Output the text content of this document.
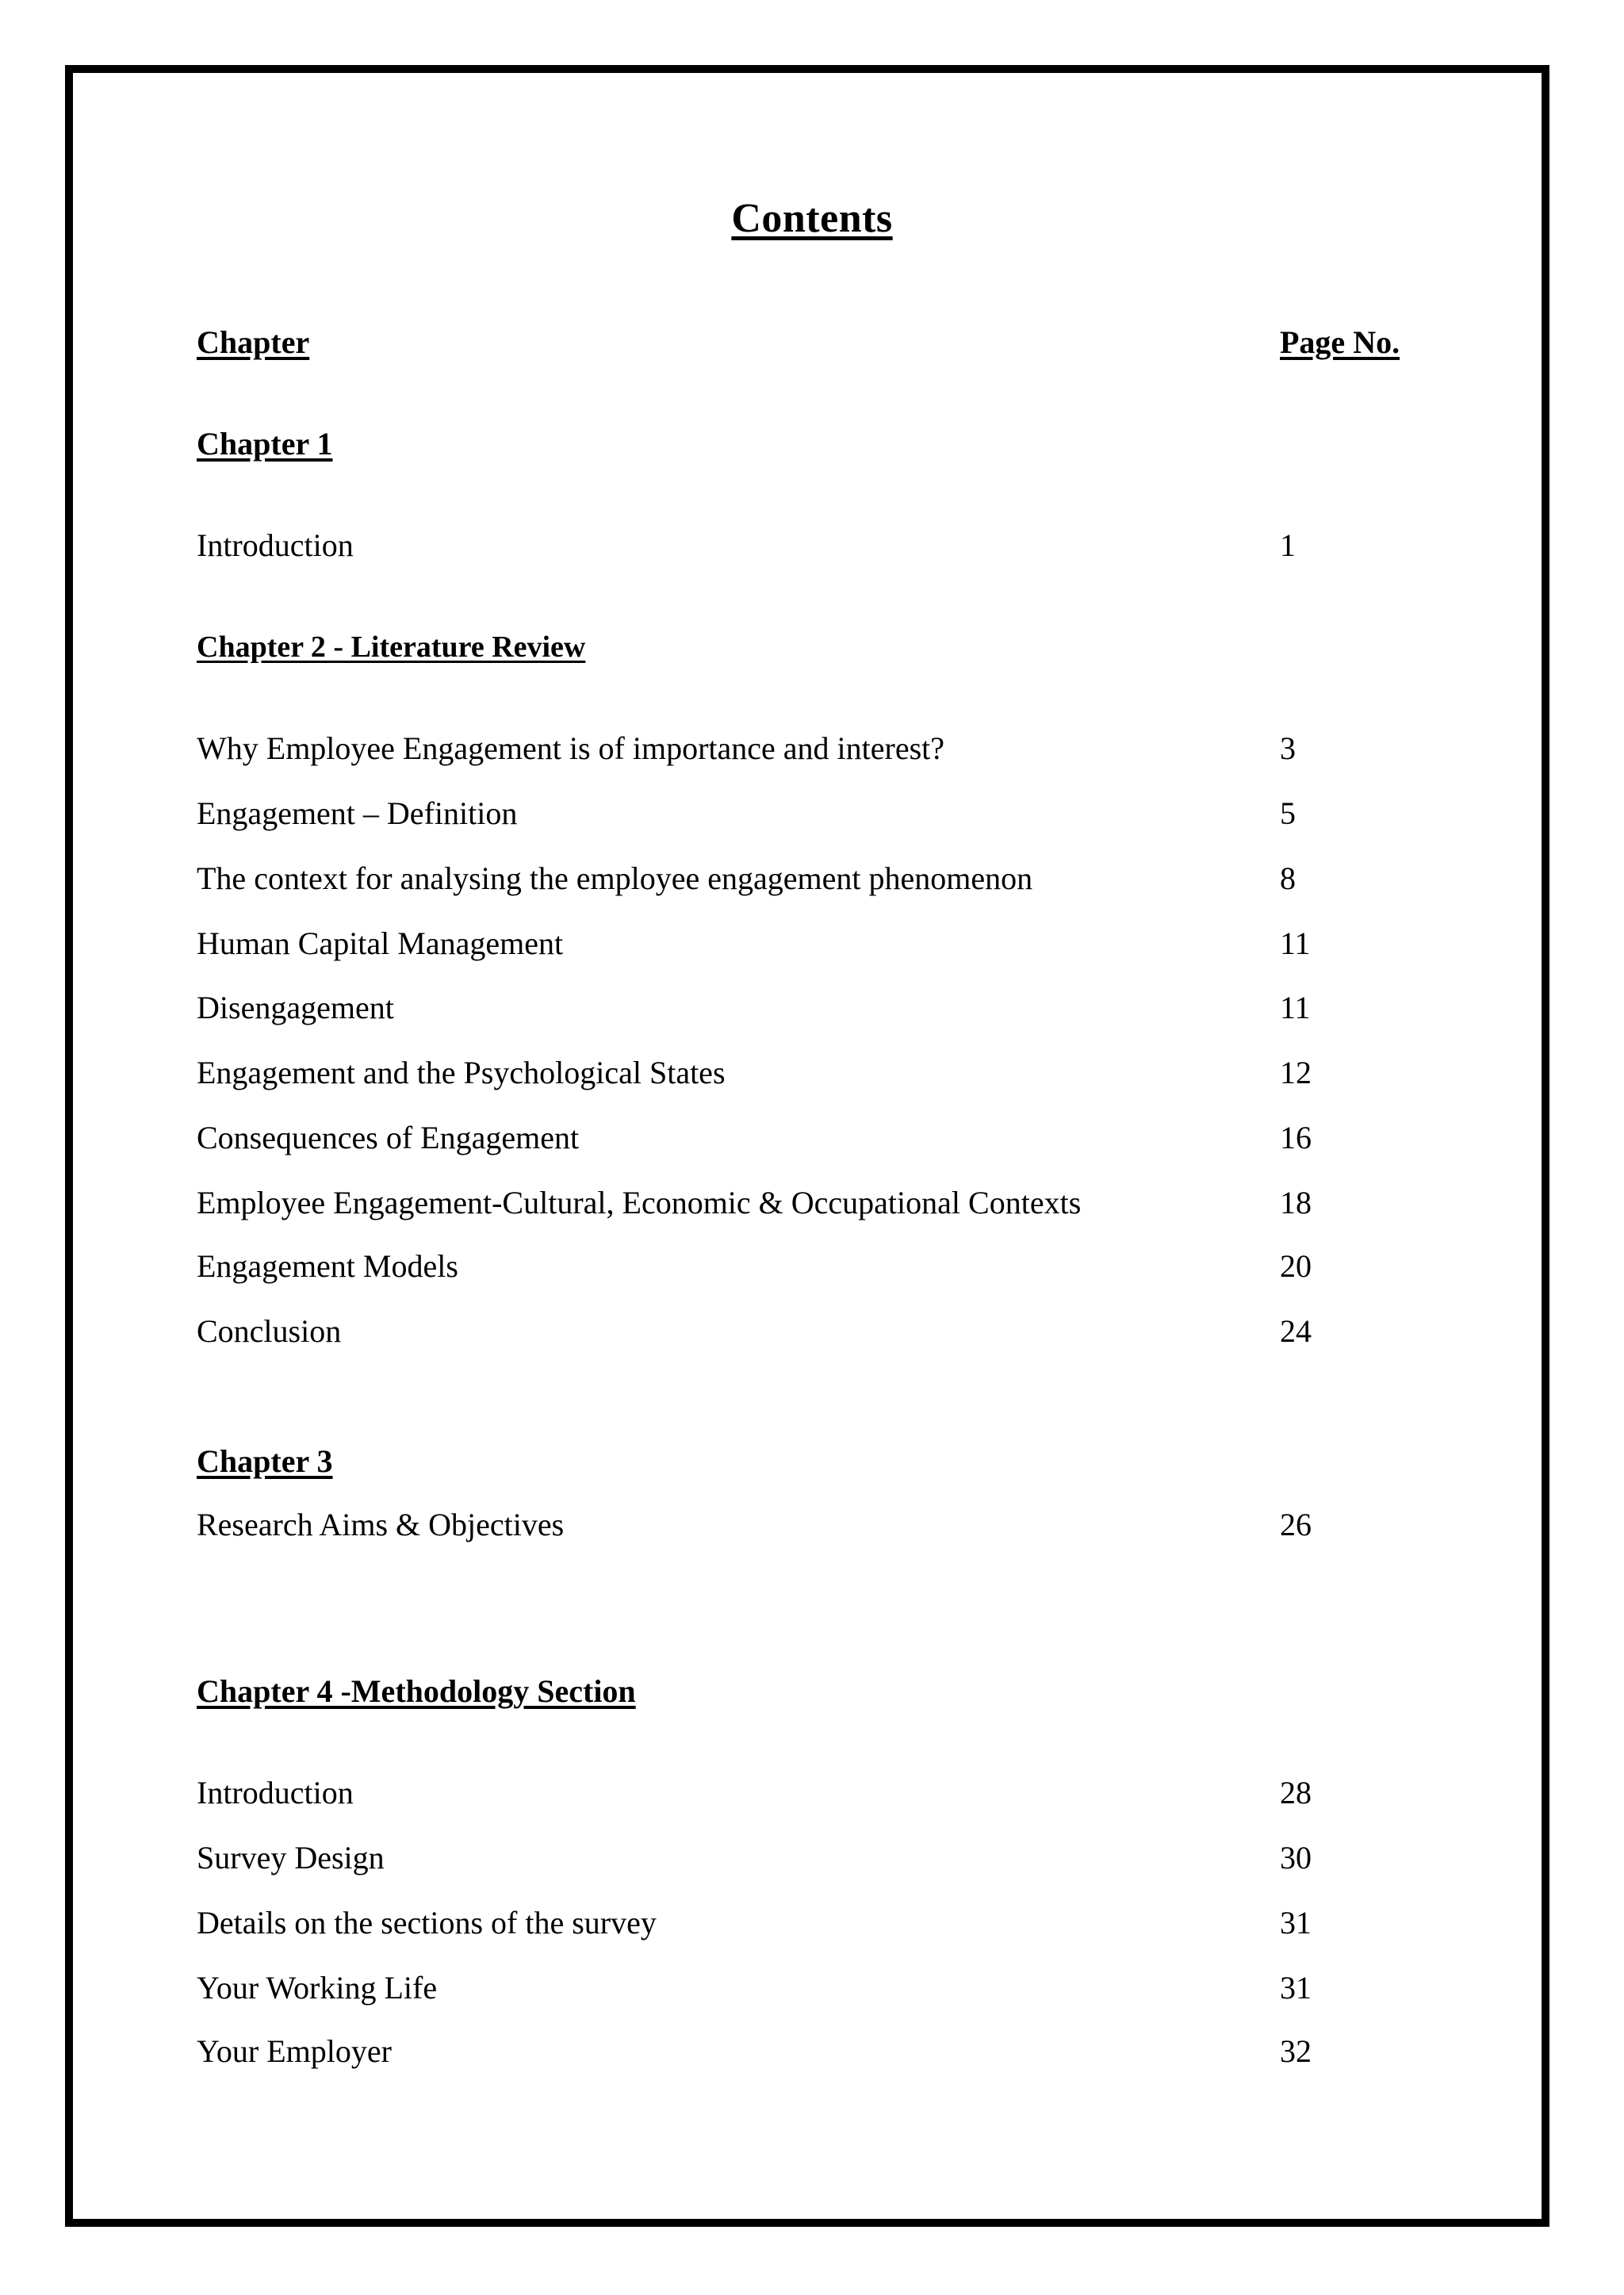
Contents
Chapter	Page No.
Chapter 1
Introduction	1
Chapter 2 - Literature Review
Why Employee Engagement is of importance and interest?	3
Engagement – Definition	5
The context for analysing the employee engagement phenomenon	8
Human Capital Management	11
Disengagement	11
Engagement and the Psychological States	12
Consequences of Engagement	16
Employee Engagement-Cultural, Economic & Occupational Contexts	18
Engagement Models	20
Conclusion	24
Chapter 3
Research Aims & Objectives	26
Chapter 4 -Methodology Section
Introduction	28
Survey Design	30
Details on the sections of the survey	31
Your Working Life	31
Your Employer	32
